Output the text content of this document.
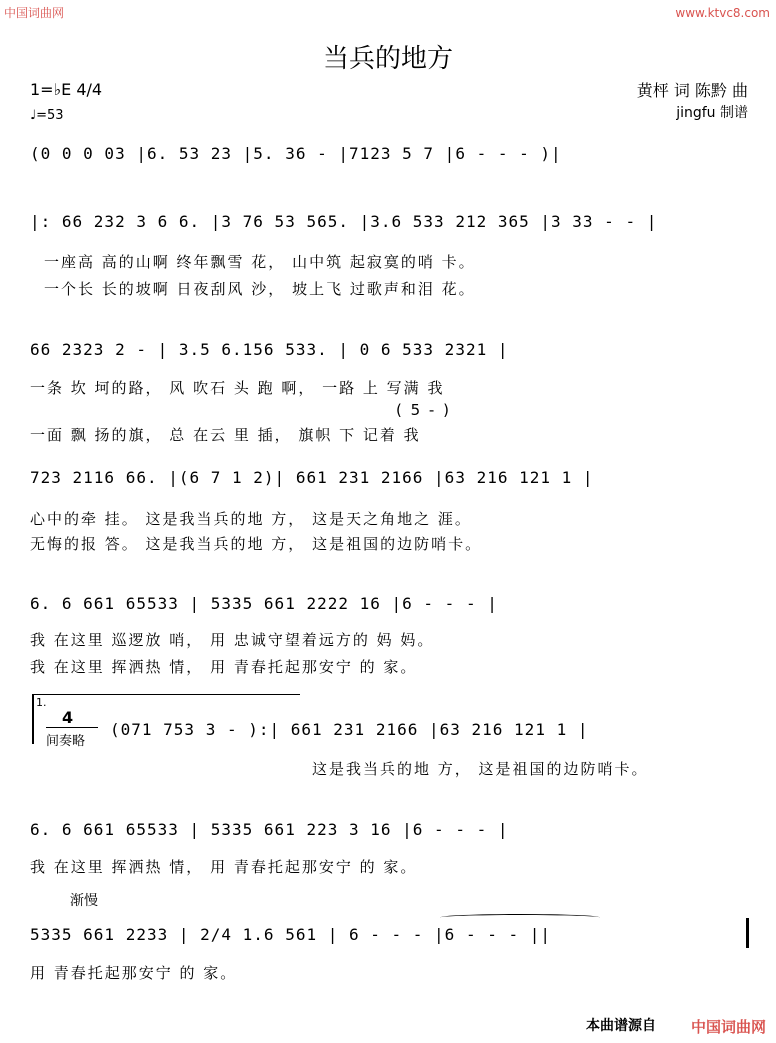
中国词曲网	www.ktvc8.com
当兵的地方
1=♭E 4/4
♩=53
黄枰 词 陈黔 曲
jingfu 制谱
(0 0 0 03 |6. 53 23 |5. 36 - |7123 5 7 |6 - - - )|
|: 66 232 3 6 6. |3 76 53 565. |3.6 533 212 365 |3 33 - - |
一座高 高的山啊 终年飘雪 花， 山中筑 起寂寞的哨 卡。
一个长 长的坡啊 日夜刮风 沙， 坡上飞 过歌声和泪 花。
66 2323 2 - | 3.5 6.156 533. | 0 6 533 2321 |
一条 坎 坷的路， 风 吹石 头 跑 啊， 一路 上 写满 我
( 5 - )
一面 飘 扬的旗， 总 在云 里 插， 旗帜 下 记着 我
723 2116 66. |(6 7 1 2)| 661 231 2166 |63 216 121 1 |
心中的牵 挂。 这是我当兵的地 方， 这是天之角地之 涯。
无悔的报 答。 这是我当兵的地 方， 这是祖国的边防哨卡。
6. 6 661 65533 | 5335 661 2222 16 |6 - - - |
我 在这里 巡逻放 哨， 用 忠诚守望着远方的 妈 妈。
我 在这里 挥洒热 情， 用 青春托起那安宁 的 家。
1.
4
间奏略
(071 753 3 - ):| 661 231 2166 |63 216 121 1 |
这是我当兵的地 方， 这是祖国的边防哨卡。
6. 6 661 65533 | 5335 661 223 3 16 |6 - - - |
我 在这里 挥洒热 情， 用 青春托起那安宁 的 家。
渐慢
5335 661 2233 | 2/4 1.6 561 | 6 - - - |6 - - - ||
用 青春托起那安宁 的 家。
本曲谱源自 中国词曲网
